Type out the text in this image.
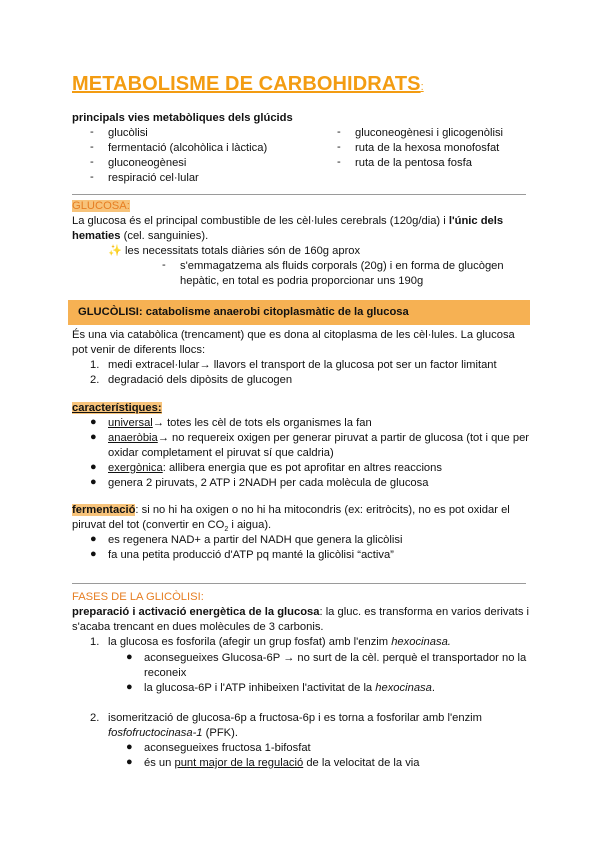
METABOLISME DE CARBOHIDRATS:
principals vies metabòliques dels glúcids
-	glucòlisi
-	fermentació (alcohòlica i làctica)
-	gluconeogènesi
-	respiració cel·lular
-	gluconeogènesi i glicogenòlisi
-	ruta de la hexosa monofosfat
-	ruta de la pentosa fosfa
GLUCOSA:
La glucosa és el principal combustible de les cèl·lules cerebrals (120g/dia) i l'únic dels
hematies (cel. sanguinies).
✨ les necessitats totals diàries són de 160g aprox
-	s'emmagatzema als fluids corporals (20g) i en forma de glucògen
hepàtic, en total es podria proporcionar uns 190g
GLUCÒLISI: catabolisme anaerobi citoplasmàtic de la glucosa
És una via catabòlica (trencament) que es dona al citoplasma de les cèl·lules. La glucosa
pot venir de diferents llocs:
1. medi extracel·lular→ llavors el transport de la glucosa pot ser un factor limitant
2. degradació dels dipòsits de glucogen
característiques:
● universal→ totes les cèl de tots els organismes la fan
● anaeròbia→ no requereix oxigen per generar piruvat a partir de glucosa (tot i que per
oxidar completament el piruvat sí que caldria)
● exergònica: allibera energia que es pot aprofitar en altres reaccions
● genera 2 piruvats, 2 ATP i 2NADH per cada molècula de glucosa
fermentació: si no hi ha oxigen o no hi ha mitocondris (ex: eritròcits), no es pot oxidar el
piruvat del tot (convertir en $CO_2$ i aigua).
● es regenera NAD+ a partir del NADH que genera la glicòlisi
● fa una petita producció d'ATP pq manté la glicòlisi “activa”
FASES DE LA GLICÒLISI:
preparació i activació energètica de la glucosa: la gluc. es transforma en varios derivats i
s'acaba trencant en dues molècules de 3 carbonis.
1. la glucosa es fosforila (afegir un grup fosfat) amb l'enzim hexocinasa.
● aconsegueixes Glucosa-6P → no surt de la cèl. perquè el transportador no la
reconeix
● la glucosa-6P i l'ATP inhibeixen l'activitat de la hexocinasa.
2. isomerització de glucosa-6p a fructosa-6p i es torna a fosforilar amb l'enzim
fosfofructocinasa-1 (PFK).
● aconsegueixes fructosa 1-bifosfat
● és un punt major de la regulació de la velocitat de la via
